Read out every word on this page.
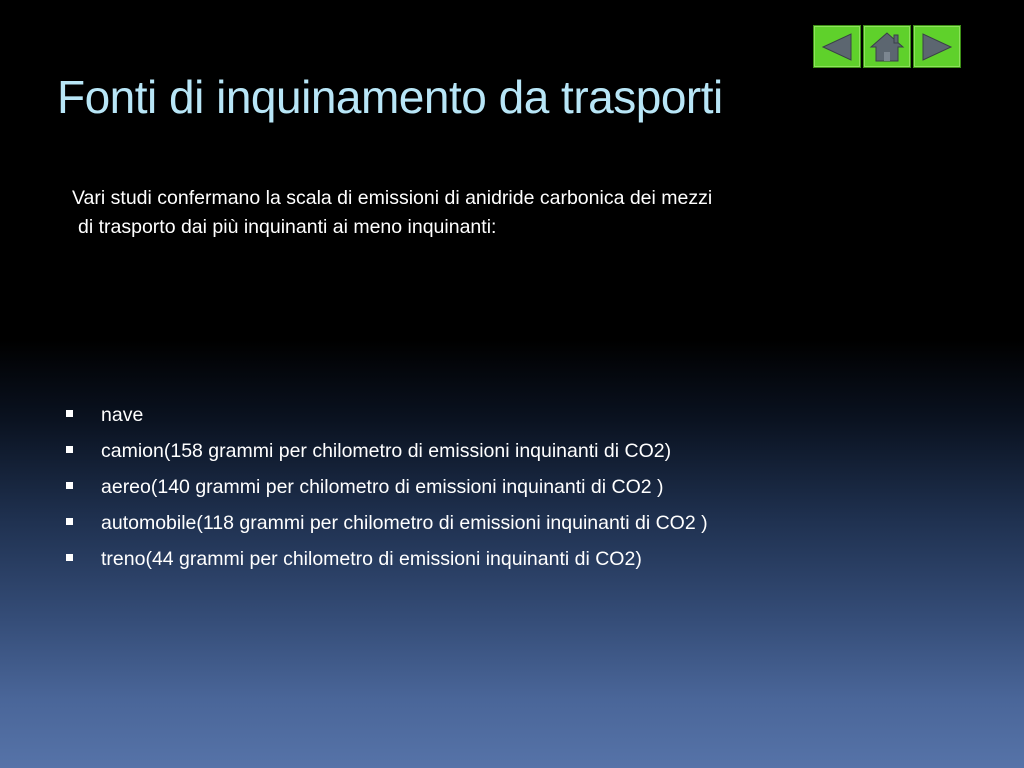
Fonti di inquinamento da trasporti
Vari studi confermano la scala di emissioni di anidride carbonica dei mezzi
di trasporto dai più inquinanti ai meno inquinanti:
nave
camion(158 grammi per chilometro di emissioni inquinanti di CO2)
aereo(140 grammi per chilometro di emissioni inquinanti di CO2 )
automobile(118 grammi per chilometro di emissioni inquinanti di CO2 )
treno(44 grammi per chilometro di emissioni inquinanti di CO2)
